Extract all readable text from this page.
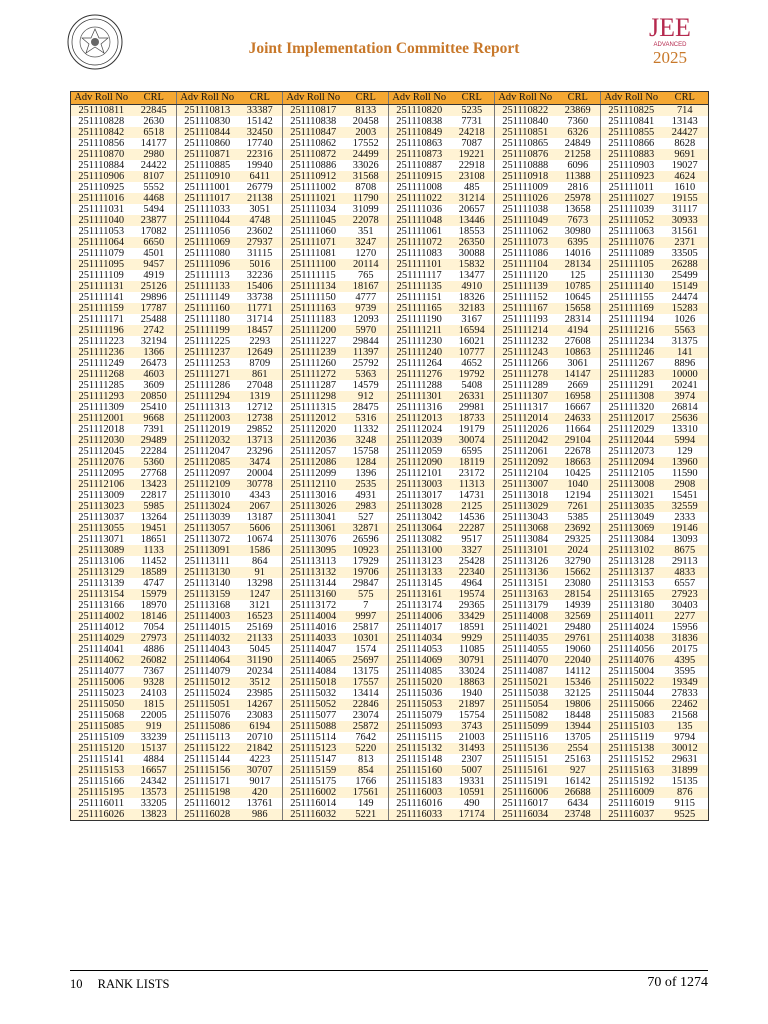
Joint Implementation Committee Report
JEE
ADVANCED
2025
Adv Roll No	CRL	Adv Roll No	CRL	Adv Roll No	CRL	Adv Roll No	CRL	Adv Roll No	CRL	Adv Roll No	CRL
251110811	22845	251110813	33387	251110817	8133	251110820	5235	251110822	23869	251110825	714
251110828	2630	251110830	15142	251110838	20458	251110838	7731	251110840	7360	251110841	13143
251110842	6518	251110844	32450	251110847	2003	251110849	24218	251110851	6326	251110855	24427
251110856	14177	251110860	17740	251110862	17552	251110863	7087	251110865	24849	251110866	8628
251110870	2980	251110871	22316	251110872	24499	251110873	19221	251110876	21258	251110883	9691
251110884	24422	251110885	19940	251110886	33026	251110887	22918	251110888	6096	251110903	19027
251110906	8107	251110910	6411	251110912	31568	251110915	23108	251110918	11388	251110923	4624
251110925	5552	251111001	26779	251111002	8708	251111008	485	251111009	2816	251111011	1610
251111016	4468	251111017	21138	251111021	11790	251111022	31214	251111026	25978	251111027	19155
251111031	5494	251111033	3051	251111034	31099	251111036	20657	251111038	13658	251111039	31117
251111040	23877	251111044	4748	251111045	22078	251111048	13446	251111049	7673	251111052	30933
251111053	17082	251111056	23602	251111060	351	251111061	18553	251111062	30980	251111063	31561
251111064	6650	251111069	27937	251111071	3247	251111072	26350	251111073	6395	251111076	2371
251111079	4501	251111080	31115	251111081	1270	251111083	30088	251111086	14016	251111089	33505
251111095	9457	251111096	5016	251111100	20114	251111101	15832	251111104	28134	251111105	26288
251111109	4919	251111113	32236	251111115	765	251111117	13477	251111120	125	251111130	25499
251111131	25126	251111133	15406	251111134	18167	251111135	4910	251111139	10785	251111140	15149
251111141	29896	251111149	33738	251111150	4777	251111151	18326	251111152	10645	251111155	24474
251111159	17787	251111160	11771	251111163	9739	251111165	32183	251111167	15658	251111169	15283
251111171	25488	251111180	31714	251111183	12093	251111190	3167	251111193	28314	251111194	1026
251111196	2742	251111199	18457	251111200	5970	251111211	16594	251111214	4194	251111216	5563
251111223	32194	251111225	2293	251111227	29844	251111230	16021	251111232	27608	251111234	31375
251111236	1366	251111237	12649	251111239	11397	251111240	10777	251111243	10863	251111246	141
251111249	26473	251111253	8709	251111260	25792	251111264	4652	251111266	3061	251111267	8896
251111268	4603	251111271	861	251111272	5363	251111276	19792	251111278	14147	251111283	10000
251111285	3609	251111286	27048	251111287	14579	251111288	5408	251111289	2669	251111291	20241
251111293	20850	251111294	1319	251111298	912	251111301	26331	251111307	16958	251111308	3974
251111309	25410	251111313	12712	251111315	28475	251111316	29981	251111317	16667	251111320	26814
251112001	9668	251112003	12738	251112012	5316	251112013	18733	251112014	24633	251112017	25636
251112018	7391	251112019	29852	251112020	11332	251112024	19179	251112026	11664	251112029	13310
251112030	29489	251112032	13713	251112036	3248	251112039	30074	251112042	29104	251112044	5994
251112045	22284	251112047	23296	251112057	15758	251112059	6595	251112061	22678	251112073	129
251112076	5360	251112085	3474	251112086	1284	251112090	18119	251112092	18663	251112094	13960
251112095	27768	251112097	20004	251112099	1396	251112101	23172	251112104	10425	251112105	11590
251112106	13423	251112109	30778	251112110	2535	251113003	11313	251113007	1040	251113008	2908
251113009	22817	251113010	4343	251113016	4931	251113017	14731	251113018	12194	251113021	15451
251113023	5985	251113024	2067	251113026	2983	251113028	2125	251113029	7261	251113035	32559
251113037	13264	251113039	13187	251113041	527	251113042	14536	251113043	5385	251113049	2333
251113055	19451	251113057	5606	251113061	32871	251113064	22287	251113068	23692	251113069	19146
251113071	18651	251113072	10674	251113076	26596	251113082	9517	251113084	29325	251113084	13093
251113089	1133	251113091	1586	251113095	10923	251113100	3327	251113101	2024	251113102	8675
251113106	11452	251113111	864	251113113	17929	251113123	25428	251113126	32790	251113128	29113
251113129	18589	251113130	91	251113132	19706	251113133	22340	251113136	15662	251113137	4833
251113139	4747	251113140	13298	251113144	29847	251113145	4964	251113151	23080	251113153	6557
251113154	15979	251113159	1247	251113160	575	251113161	19574	251113163	28154	251113165	27923
251113166	18970	251113168	3121	251113172	7	251113174	29365	251113179	14939	251113180	30403
251114002	18146	251114003	16523	251114004	9997	251114006	33429	251114008	32569	251114011	2277
251114012	7054	251114015	25169	251114016	25817	251114017	18591	251114021	29480	251114024	15956
251114029	27973	251114032	21133	251114033	10301	251114034	9929	251114035	29761	251114038	31836
251114041	4886	251114043	5045	251114047	1574	251114053	11085	251114055	19060	251114056	20175
251114062	26082	251114064	31190	251114065	25697	251114069	30791	251114070	22040	251114076	4395
251114077	7367	251114079	20234	251114084	13175	251114085	33024	251114087	14112	251115004	3595
251115006	9328	251115012	3512	251115018	17557	251115020	18863	251115021	15346	251115022	19349
251115023	24103	251115024	23985	251115032	13414	251115036	1940	251115038	32125	251115044	27833
251115050	1815	251115051	14267	251115052	22846	251115053	21897	251115054	19806	251115066	22462
251115068	22005	251115076	23083	251115077	23074	251115079	15754	251115082	18448	251115083	21568
251115085	919	251115086	6194	251115088	25872	251115093	3743	251115099	13944	251115103	135
251115109	33239	251115113	20710	251115114	7642	251115115	21003	251115116	13705	251115119	9794
251115120	15137	251115122	21842	251115123	5220	251115132	31493	251115136	2554	251115138	30012
251115141	4884	251115144	4223	251115147	813	251115148	2307	251115151	25163	251115152	29631
251115153	16657	251115156	30707	251115159	854	251115160	5007	251115161	927	251115163	31899
251115166	24342	251115171	9017	251115175	1766	251115183	19331	251115191	16142	251115192	15135
251115195	13573	251115198	420	251116002	17561	251116003	10591	251116006	26688	251116009	876
251116011	33205	251116012	13761	251116014	149	251116016	490	251116017	6434	251116019	9115
251116026	13823	251116028	986	251116032	5221	251116033	17174	251116034	23748	251116037	9525
10 RANK LISTS	70 of 1274
